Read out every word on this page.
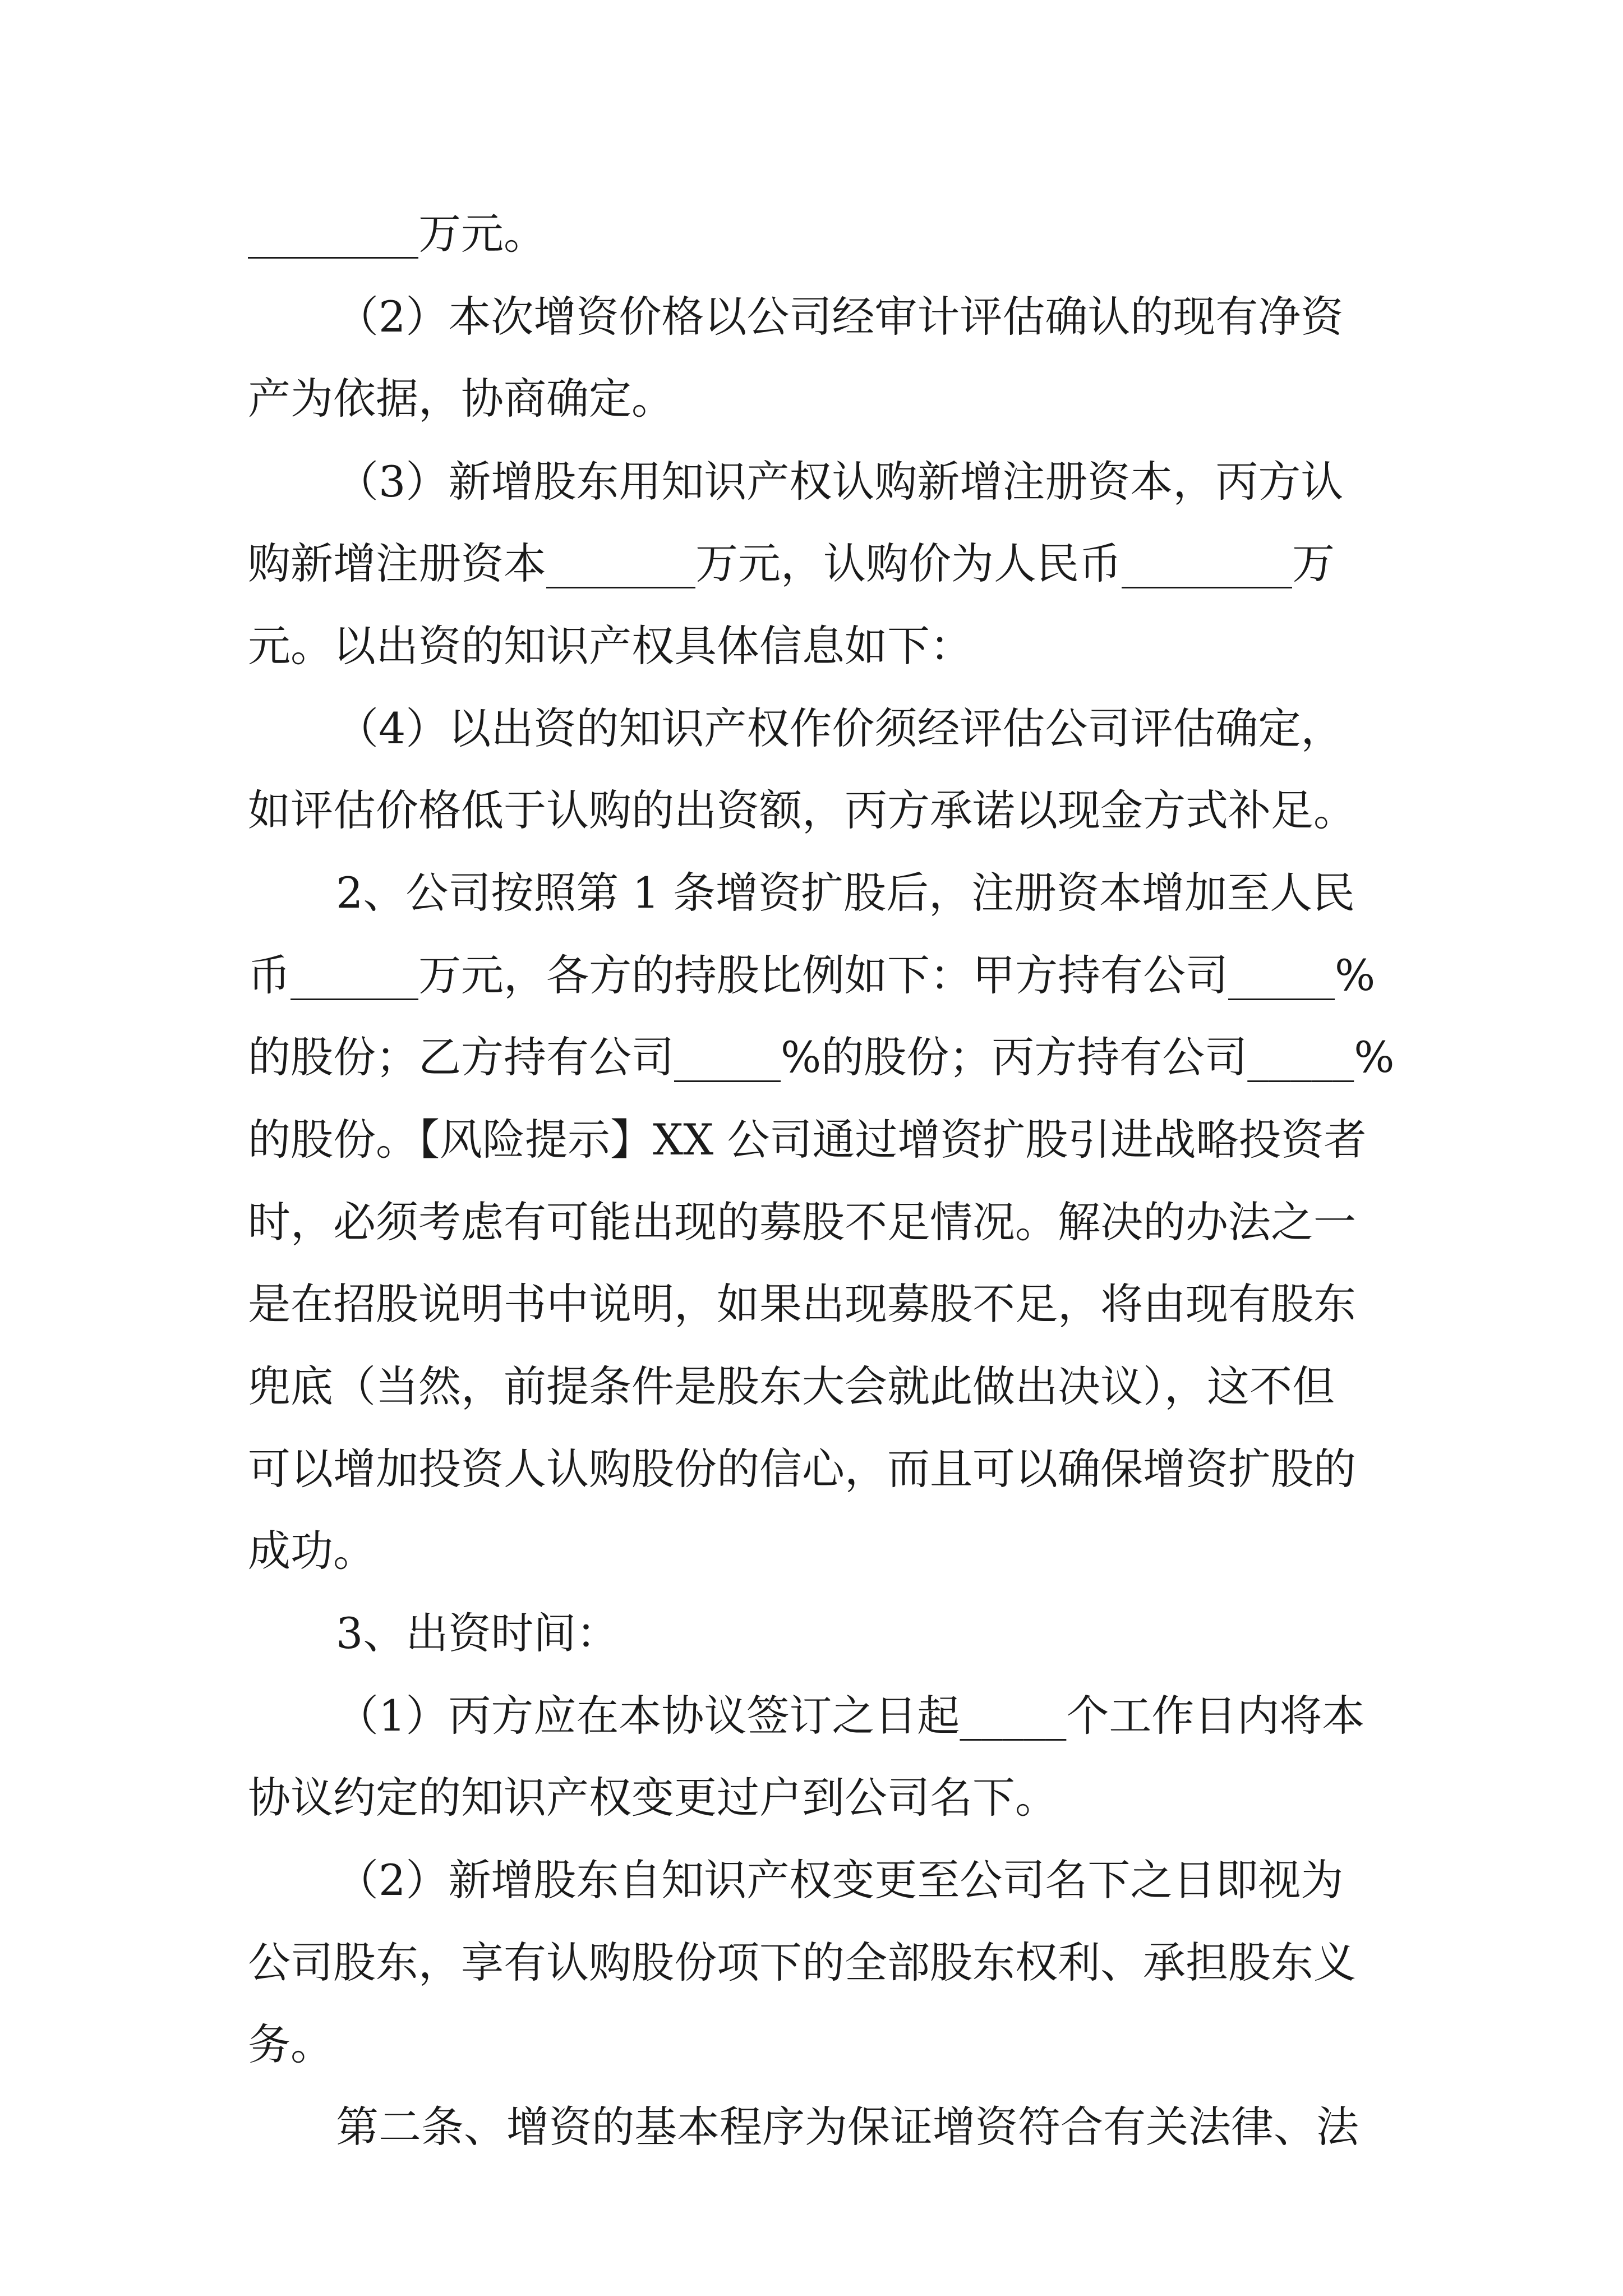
________万元。
（2）本次增资价格以公司经审计评估确认的现有净资
产为依据，协商确定。
（3）新增股东用知识产权认购新增注册资本，丙方认
购新增注册资本_______万元，认购价为人民币________万
元。以出资的知识产权具体信息如下：
（4）以出资的知识产权作价须经评估公司评估确定，
如评估价格低于认购的出资额，丙方承诺以现金方式补足。
2、公司按照第 1 条增资扩股后，注册资本增加至人民
币______万元，各方的持股比例如下：甲方持有公司_____%
的股份；乙方持有公司_____%的股份；丙方持有公司_____%
的股份。【风险提示】XX 公司通过增资扩股引进战略投资者
时，必须考虑有可能出现的募股不足情况。解决的办法之一
是在招股说明书中说明，如果出现募股不足，将由现有股东
兜底（当然，前提条件是股东大会就此做出决议），这不但
可以增加投资人认购股份的信心，而且可以确保增资扩股的
成功。
3、出资时间：
（1）丙方应在本协议签订之日起_____个工作日内将本
协议约定的知识产权变更过户到公司名下。
（2）新增股东自知识产权变更至公司名下之日即视为
公司股东，享有认购股份项下的全部股东权利、承担股东义
务。
第二条、增资的基本程序为保证增资符合有关法律、法
